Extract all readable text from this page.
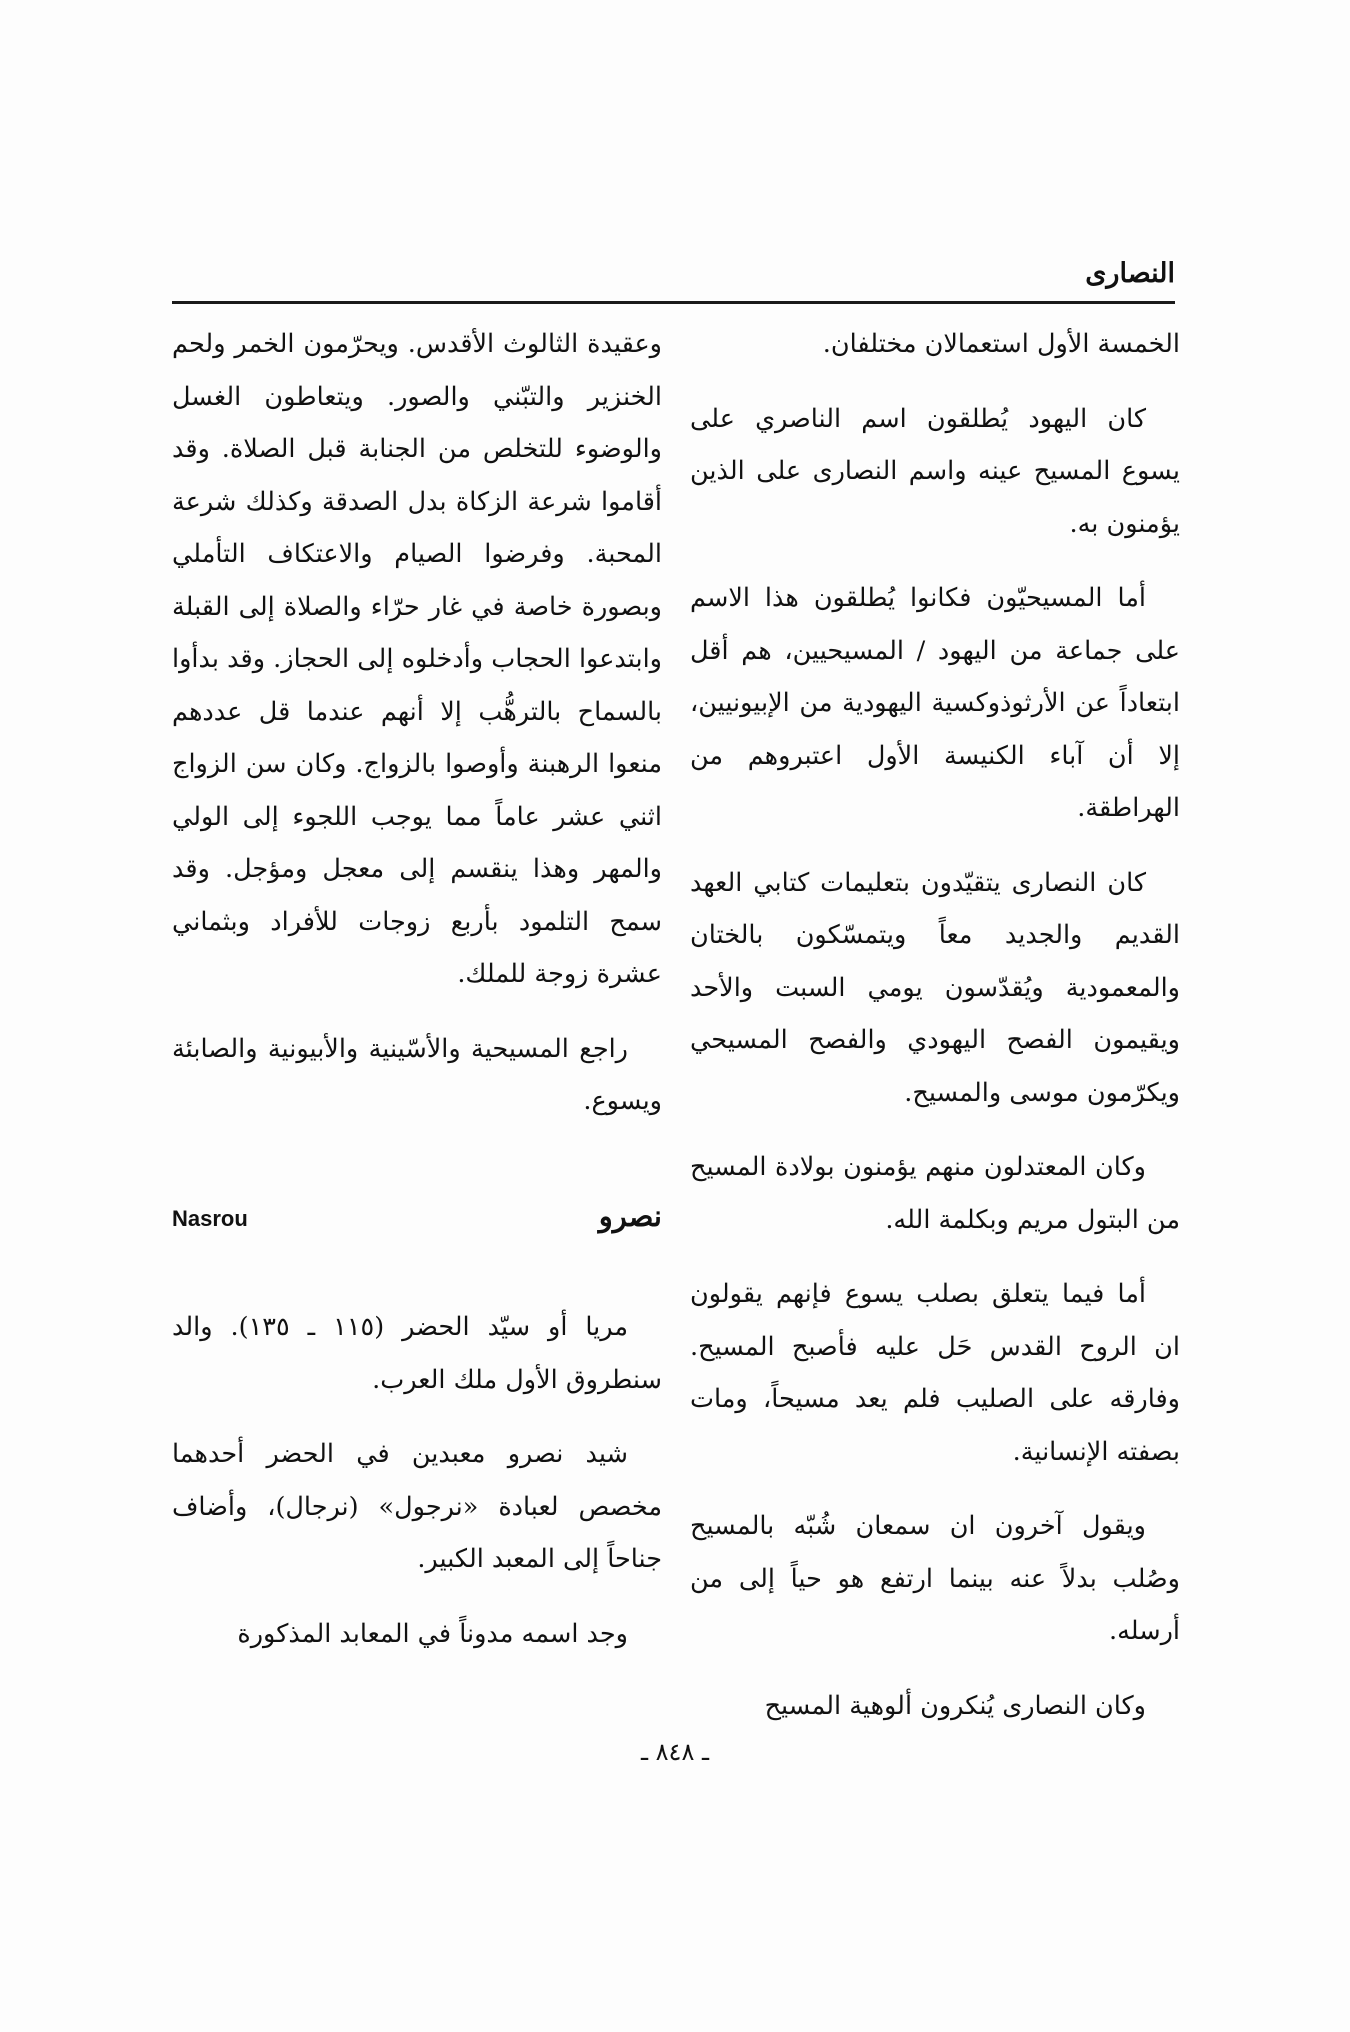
النصارى

الخمسة الأول استعمالان مختلفان.

كان اليهود يُطلقون اسم الناصري على يسوع المسيح عينه واسم النصارى على الذين يؤمنون به.

أما المسيحيّون فكانوا يُطلقون هذا الاسم على جماعة من اليهود / المسيحيين، هم أقل ابتعاداً عن الأرثوذوكسية اليهودية من الإبيونيين، إلا أن آباء الكنيسة الأول اعتبروهم من الهراطقة.

كان النصارى يتقيّدون بتعليمات كتابي العهد القديم والجديد معاً ويتمسّكون بالختان والمعمودية ويُقدّسون يومي السبت والأحد ويقيمون الفصح اليهودي والفصح المسيحي ويكرّمون موسى والمسيح.

وكان المعتدلون منهم يؤمنون بولادة المسيح من البتول مريم وبكلمة الله.

أما فيما يتعلق بصلب يسوع فإنهم يقولون ان الروح القدس حَل عليه فأصبح المسيح. وفارقه على الصليب فلم يعد مسيحاً، ومات بصفته الإنسانية.

ويقول آخرون ان سمعان شُبّه بالمسيح وصُلب بدلاً عنه بينما ارتفع هو حياً إلى من أرسله.

وكان النصارى يُنكرون ألوهية المسيح

وعقيدة الثالوث الأقدس. ويحرّمون الخمر ولحم الخنزير والتبّني والصور. ويتعاطون الغسل والوضوء للتخلص من الجنابة قبل الصلاة. وقد أقاموا شرعة الزكاة بدل الصدقة وكذلك شرعة المحبة. وفرضوا الصيام والاعتكاف التأملي وبصورة خاصة في غار حرّاء والصلاة إلى القبلة وابتدعوا الحجاب وأدخلوه إلى الحجاز. وقد بدأوا بالسماح بالترهُّب إلا أنهم عندما قل عددهم منعوا الرهبنة وأوصوا بالزواج. وكان سن الزواج اثني عشر عاماً مما يوجب اللجوء إلى الولي والمهر وهذا ينقسم إلى معجل ومؤجل. وقد سمح التلمود بأربع زوجات للأفراد وبثماني عشرة زوجة للملك.

راجع المسيحية والأسّينية والأبيونية والصابئة ويسوع.

نصرو
Nasrou

مريا أو سيّد الحضر (١١٥ ـ ١٣٥). والد سنطروق الأول ملك العرب.

شيد نصرو معبدين في الحضر أحدهما مخصص لعبادة «نرجول» (نرجال)، وأضاف جناحاً إلى المعبد الكبير.

وجد اسمه مدوناً في المعابد المذكورة

ـ ٨٤٨ ـ
